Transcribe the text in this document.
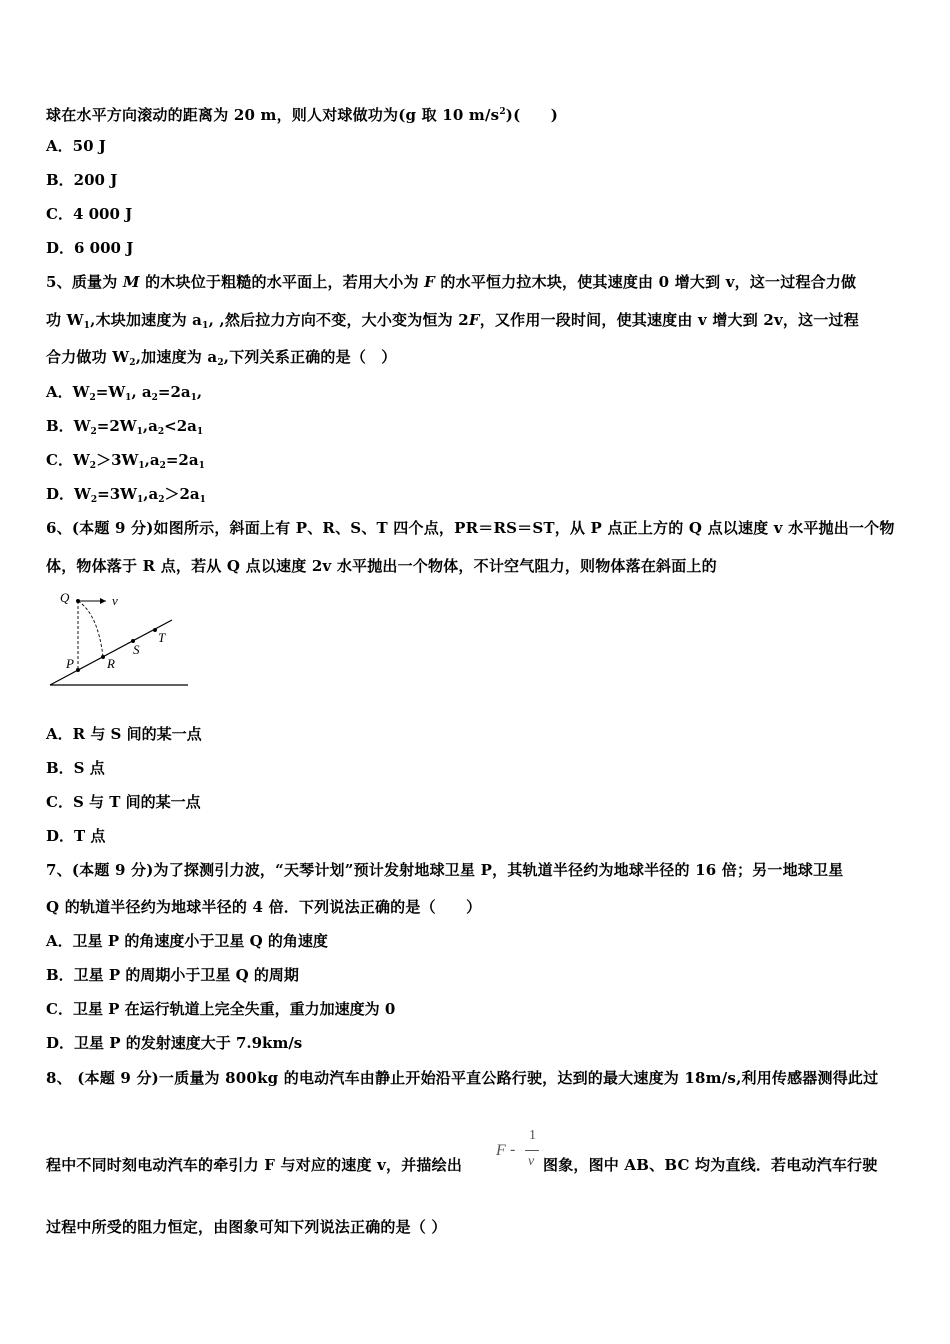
球在水平方向滚动的距离为 20 m，则人对球做功为(g 取 10 $m/s^2$)(　　)
A．50 J
B．200 J
C．4 000 J
D．6 000 J
5、质量为 M 的木块位于粗糙的水平面上，若用大小为 F 的水平恒力拉木块，使其速度由 0 增大到 v，这一过程合力做
功 $W_1$,木块加速度为 $a_1$, ,然后拉力方向不变，大小变为恒为 2F，又作用一段时间，使其速度由 v 增大到 2v，这一过程
合力做功 $W_2$,加速度为 $a_2$,下列关系正确的是（　）
A．$W_2=W_1$, $a_2=2a_1$,
B．$W_2=2W_1,a_2<2a_1$
C．$W_2>3W_1,a_2=2a_1$
D．$W_2=3W_1,a_2>2a_1$
6、(本题 9 分)如图所示，斜面上有 P、R、S、T 四个点，PR＝RS＝ST，从 P 点正上方的 Q 点以速度 v 水平抛出一个物
体，物体落于 R 点，若从 Q 点以速度 2v 水平抛出一个物体，不计空气阻力，则物体落在斜面上的
Q	v
P	R
S
T
A．R 与 S 间的某一点
B．S 点
C．S 与 T 间的某一点
D．T 点
7、(本题 9 分)为了探测引力波，“天琴计划”预计发射地球卫星 P，其轨道半径约为地球半径的 16 倍；另一地球卫星
Q 的轨道半径约为地球半径的 4 倍．下列说法正确的是（　　）
A．卫星 P 的角速度小于卫星 Q 的角速度
B．卫星 P 的周期小于卫星 Q 的周期
C．卫星 P 在运行轨道上完全失重，重力加速度为 0
D．卫星 P 的发射速度大于 7.9km/s
8、 (本题 9 分)一质量为 800kg 的电动汽车由静止开始沿平直公路行驶，达到的最大速度为 18m/s,利用传感器测得此过
程中不同时刻电动汽车的牵引力 F 与对应的速度 v，并描绘出
F -
1
v 图象，图中 AB、BC 均为直线．若电动汽车行驶
过程中所受的阻力恒定，由图象可知下列说法正确的是（ ）
